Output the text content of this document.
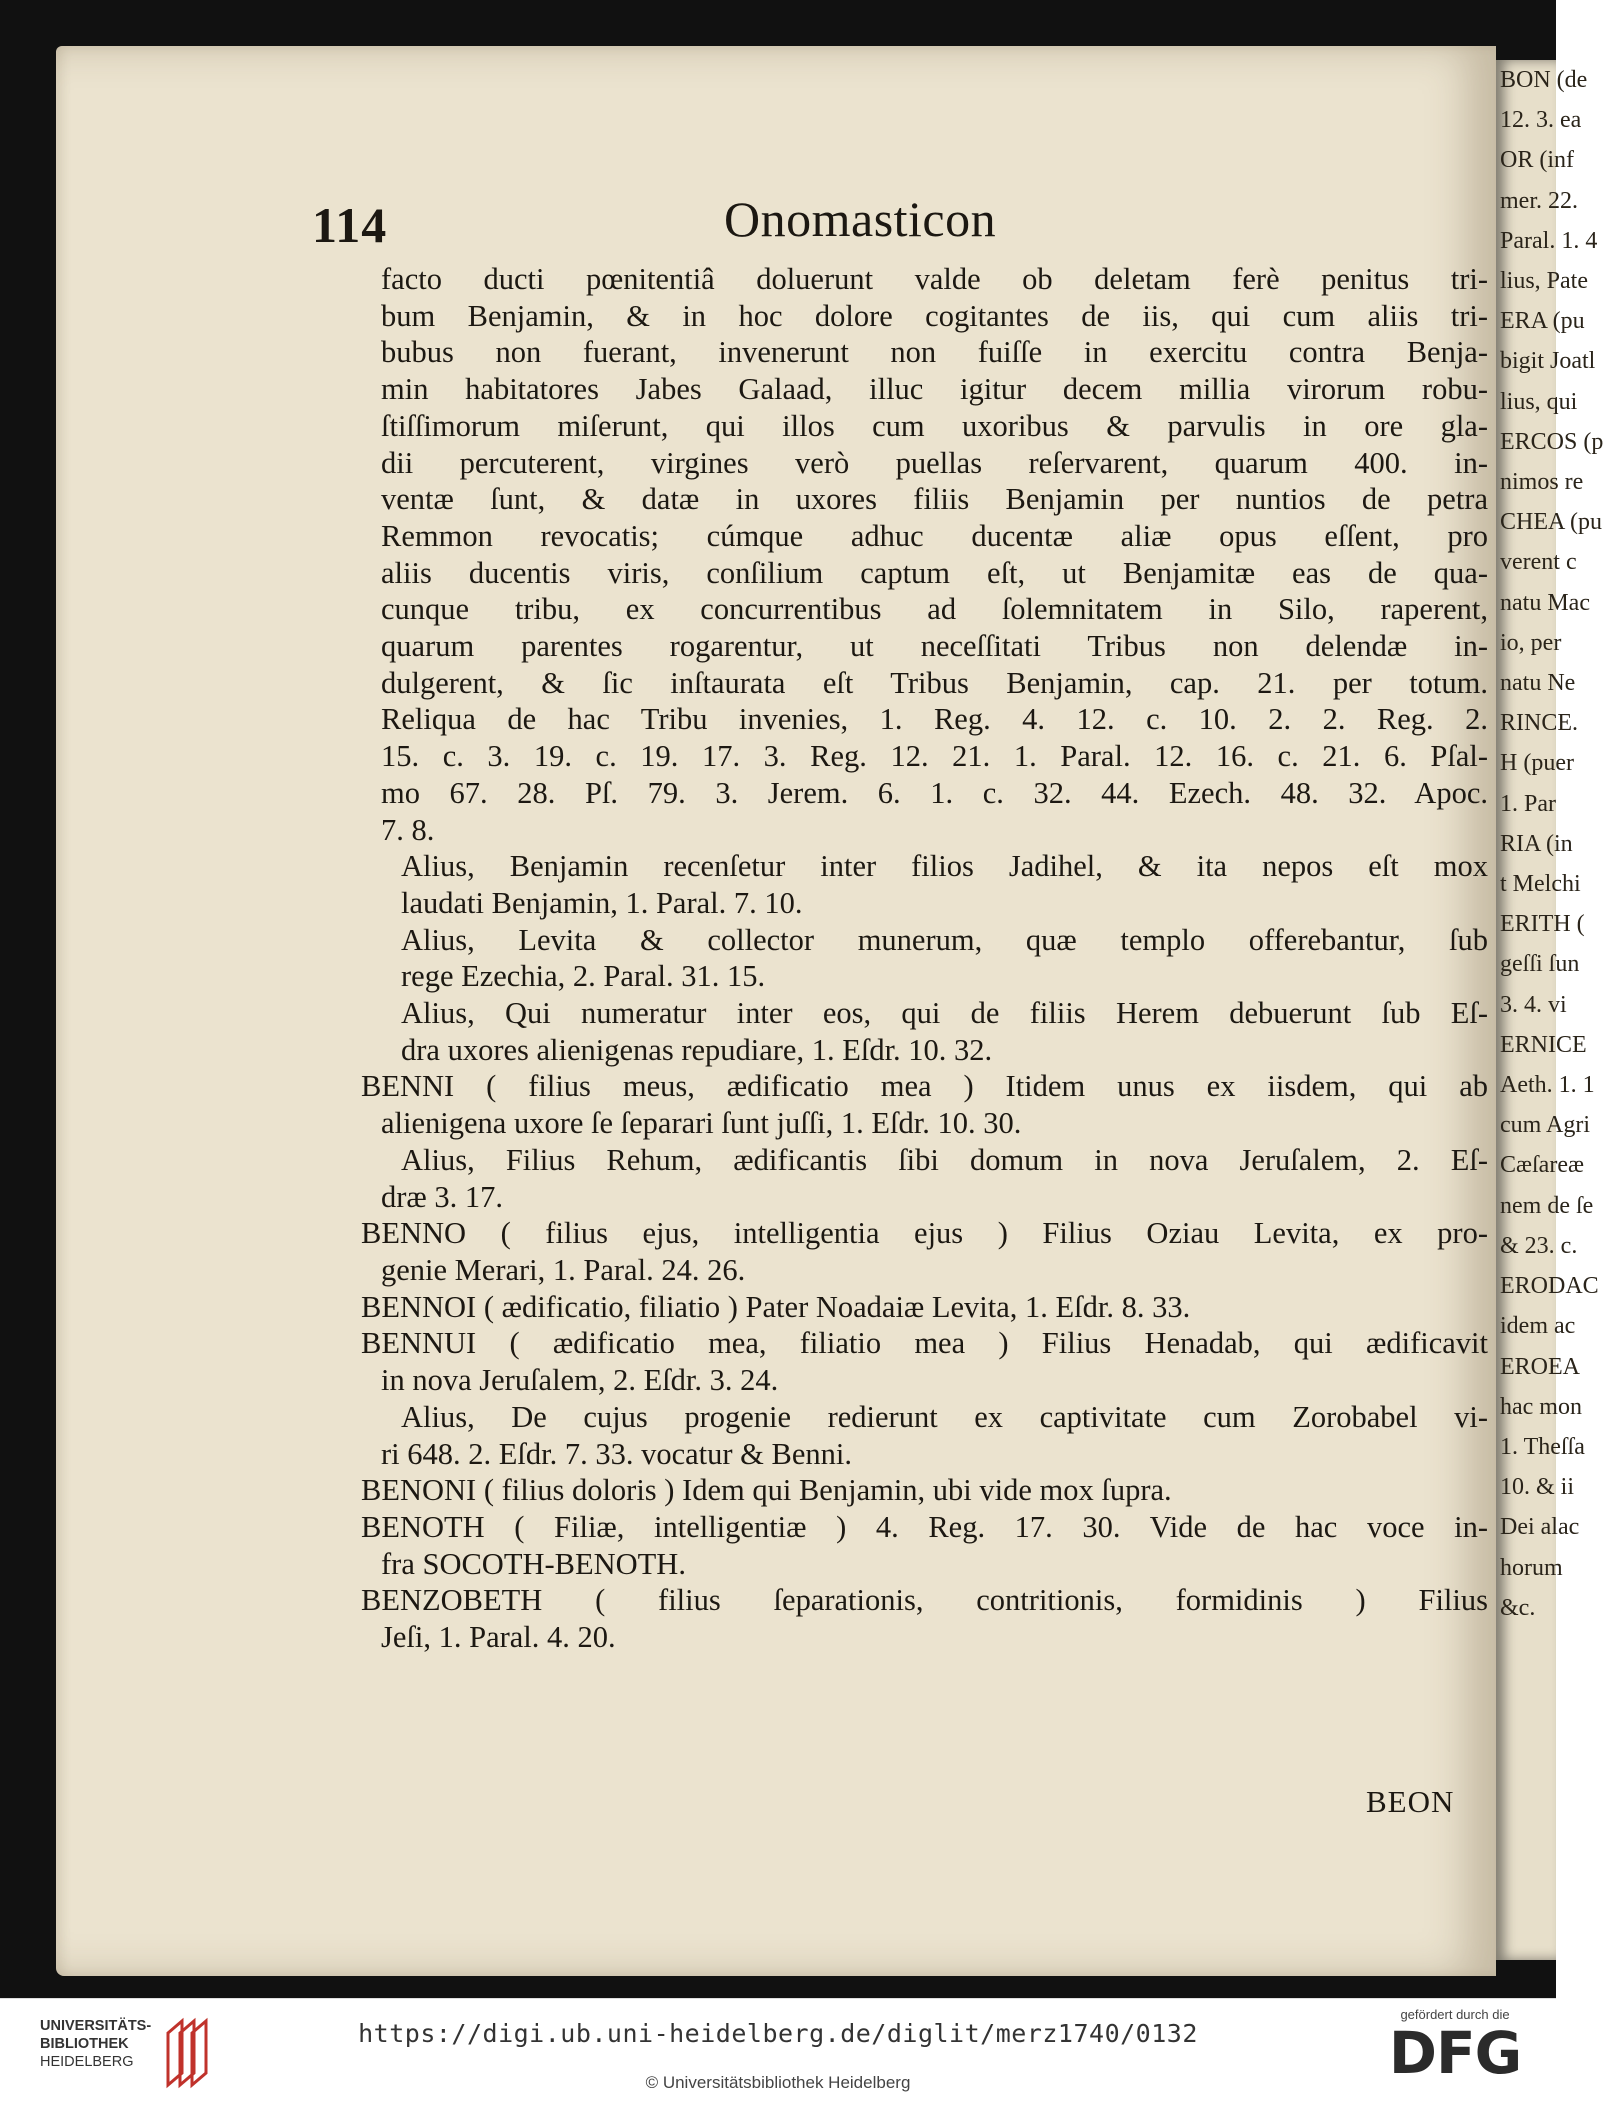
114	Onomasticon
facto ducti pœnitentiâ doluerunt valde ob deletam ferè penitus tri-
bum Benjamin, & in hoc dolore cogitantes de iis, qui cum aliis tri-
bubus non fuerant, invenerunt non fuiſſe in exercitu contra Benja-
min habitatores Jabes Galaad, illuc igitur decem millia virorum robu-
ſtiſſimorum miſerunt, qui illos cum uxoribus & parvulis in ore gla-
dii percuterent, virgines verò puellas reſervarent, quarum 400. in-
ventæ ſunt, & datæ in uxores filiis Benjamin per nuntios de petra
Remmon revocatis; cúmque adhuc ducentæ aliæ opus eſſent, pro
aliis ducentis viris, conſilium captum eſt, ut Benjamitæ eas de qua-
cunque tribu, ex concurrentibus ad ſolemnitatem in Silo, raperent,
quarum parentes rogarentur, ut neceſſitati Tribus non delendæ in-
dulgerent, & ſic inſtaurata eſt Tribus Benjamin, cap. 21. per totum.
Reliqua de hac Tribu invenies, 1. Reg. 4. 12. c. 10. 2. 2. Reg. 2.
15. c. 3. 19. c. 19. 17. 3. Reg. 12. 21. 1. Paral. 12. 16. c. 21. 6. Pſal-
mo 67. 28. Pſ. 79. 3. Jerem. 6. 1. c. 32. 44. Ezech. 48. 32. Apoc.
7. 8.
Alius, Benjamin recenſetur inter filios Jadihel, & ita nepos eſt mox
laudati Benjamin, 1. Paral. 7. 10.
Alius, Levita & collector munerum, quæ templo offerebantur, ſub
rege Ezechia, 2. Paral. 31. 15.
Alius, Qui numeratur inter eos, qui de filiis Herem debuerunt ſub Eſ-
dra uxores alienigenas repudiare, 1. Eſdr. 10. 32.
BENNI ( filius meus, ædificatio mea ) Itidem unus ex iisdem, qui ab
alienigena uxore ſe ſeparari ſunt juſſi, 1. Eſdr. 10. 30.
Alius, Filius Rehum, ædificantis ſibi domum in nova Jeruſalem, 2. Eſ-
dræ 3. 17.
BENNO ( filius ejus, intelligentia ejus ) Filius Oziau Levita, ex pro-
genie Merari, 1. Paral. 24. 26.
BENNOI ( ædificatio, filiatio ) Pater Noadaiæ Levita, 1. Eſdr. 8. 33.
BENNUI ( ædificatio mea, filiatio mea ) Filius Henadab, qui ædificavit
in nova Jeruſalem, 2. Eſdr. 3. 24.
Alius, De cujus progenie redierunt ex captivitate cum Zorobabel vi-
ri 648. 2. Eſdr. 7. 33. vocatur & Benni.
BENONI ( filius doloris ) Idem qui Benjamin, ubi vide mox ſupra.
BENOTH ( Filiæ, intelligentiæ ) 4. Reg. 17. 30. Vide de hac voce in-
fra SOCOTH-BENOTH.
BENZOBETH ( filius ſeparationis, contritionis, formidinis ) Filius
Jeſi, 1. Paral. 4. 20.
BEON
BON (de
12. 3. ea
OR (inf
mer. 22.
Paral. 1. 4
lius, Pate
ERA (pu
bigit Joatl
lius, qui
ERCOS (p
nimos re
CHEA (pu
verent c
natu Mac
io, per
natu Ne
RINCE.
H (puer
1. Par
RIA (in
t Melchi
ERITH (
geſſi ſun
3. 4. vi
ERNICE
Aeth. 1. 1
cum Agri
Cæſareæ
nem de ſe
& 23. c.
ERODAC
idem ac
EROEA
hac mon
1. Theſſa
10. & ii
Dei alac
horum
&c.
UNIVERSITÄTS-
BIBLIOTHEK
HEIDELBERG
https://digi.ub.uni-heidelberg.de/diglit/merz1740/0132
© Universitätsbibliothek Heidelberg
gefördert durch die
DFG
